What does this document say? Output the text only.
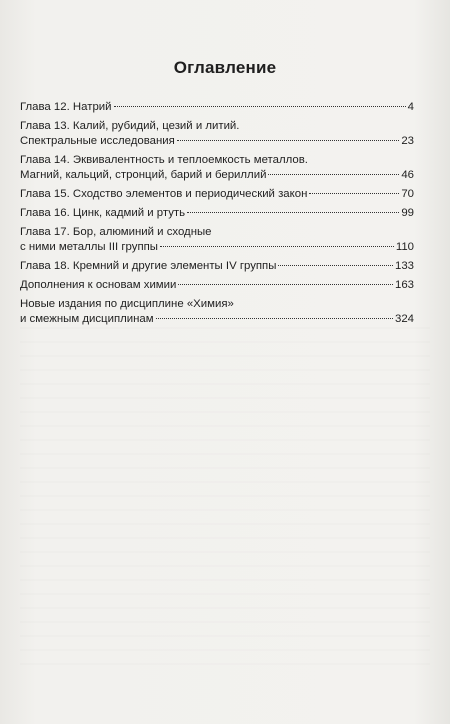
Оглавление
Глава 12. Натрий	4
Глава 13. Калий, рубидий, цезий и литий.
Спектральные исследования	23
Глава 14. Эквивалентность и теплоемкость металлов.
Магний, кальций, стронций, барий и бериллий	46
Глава 15. Сходство элементов и периодический закон	70
Глава 16. Цинк, кадмий и ртуть	99
Глава 17. Бор, алюминий и сходные
с ними металлы III группы	110
Глава 18. Кремний и другие элементы IV группы	133
Дополнения к основам химии	163
Новые издания по дисциплине «Химия»
и смежным дисциплинам	324
